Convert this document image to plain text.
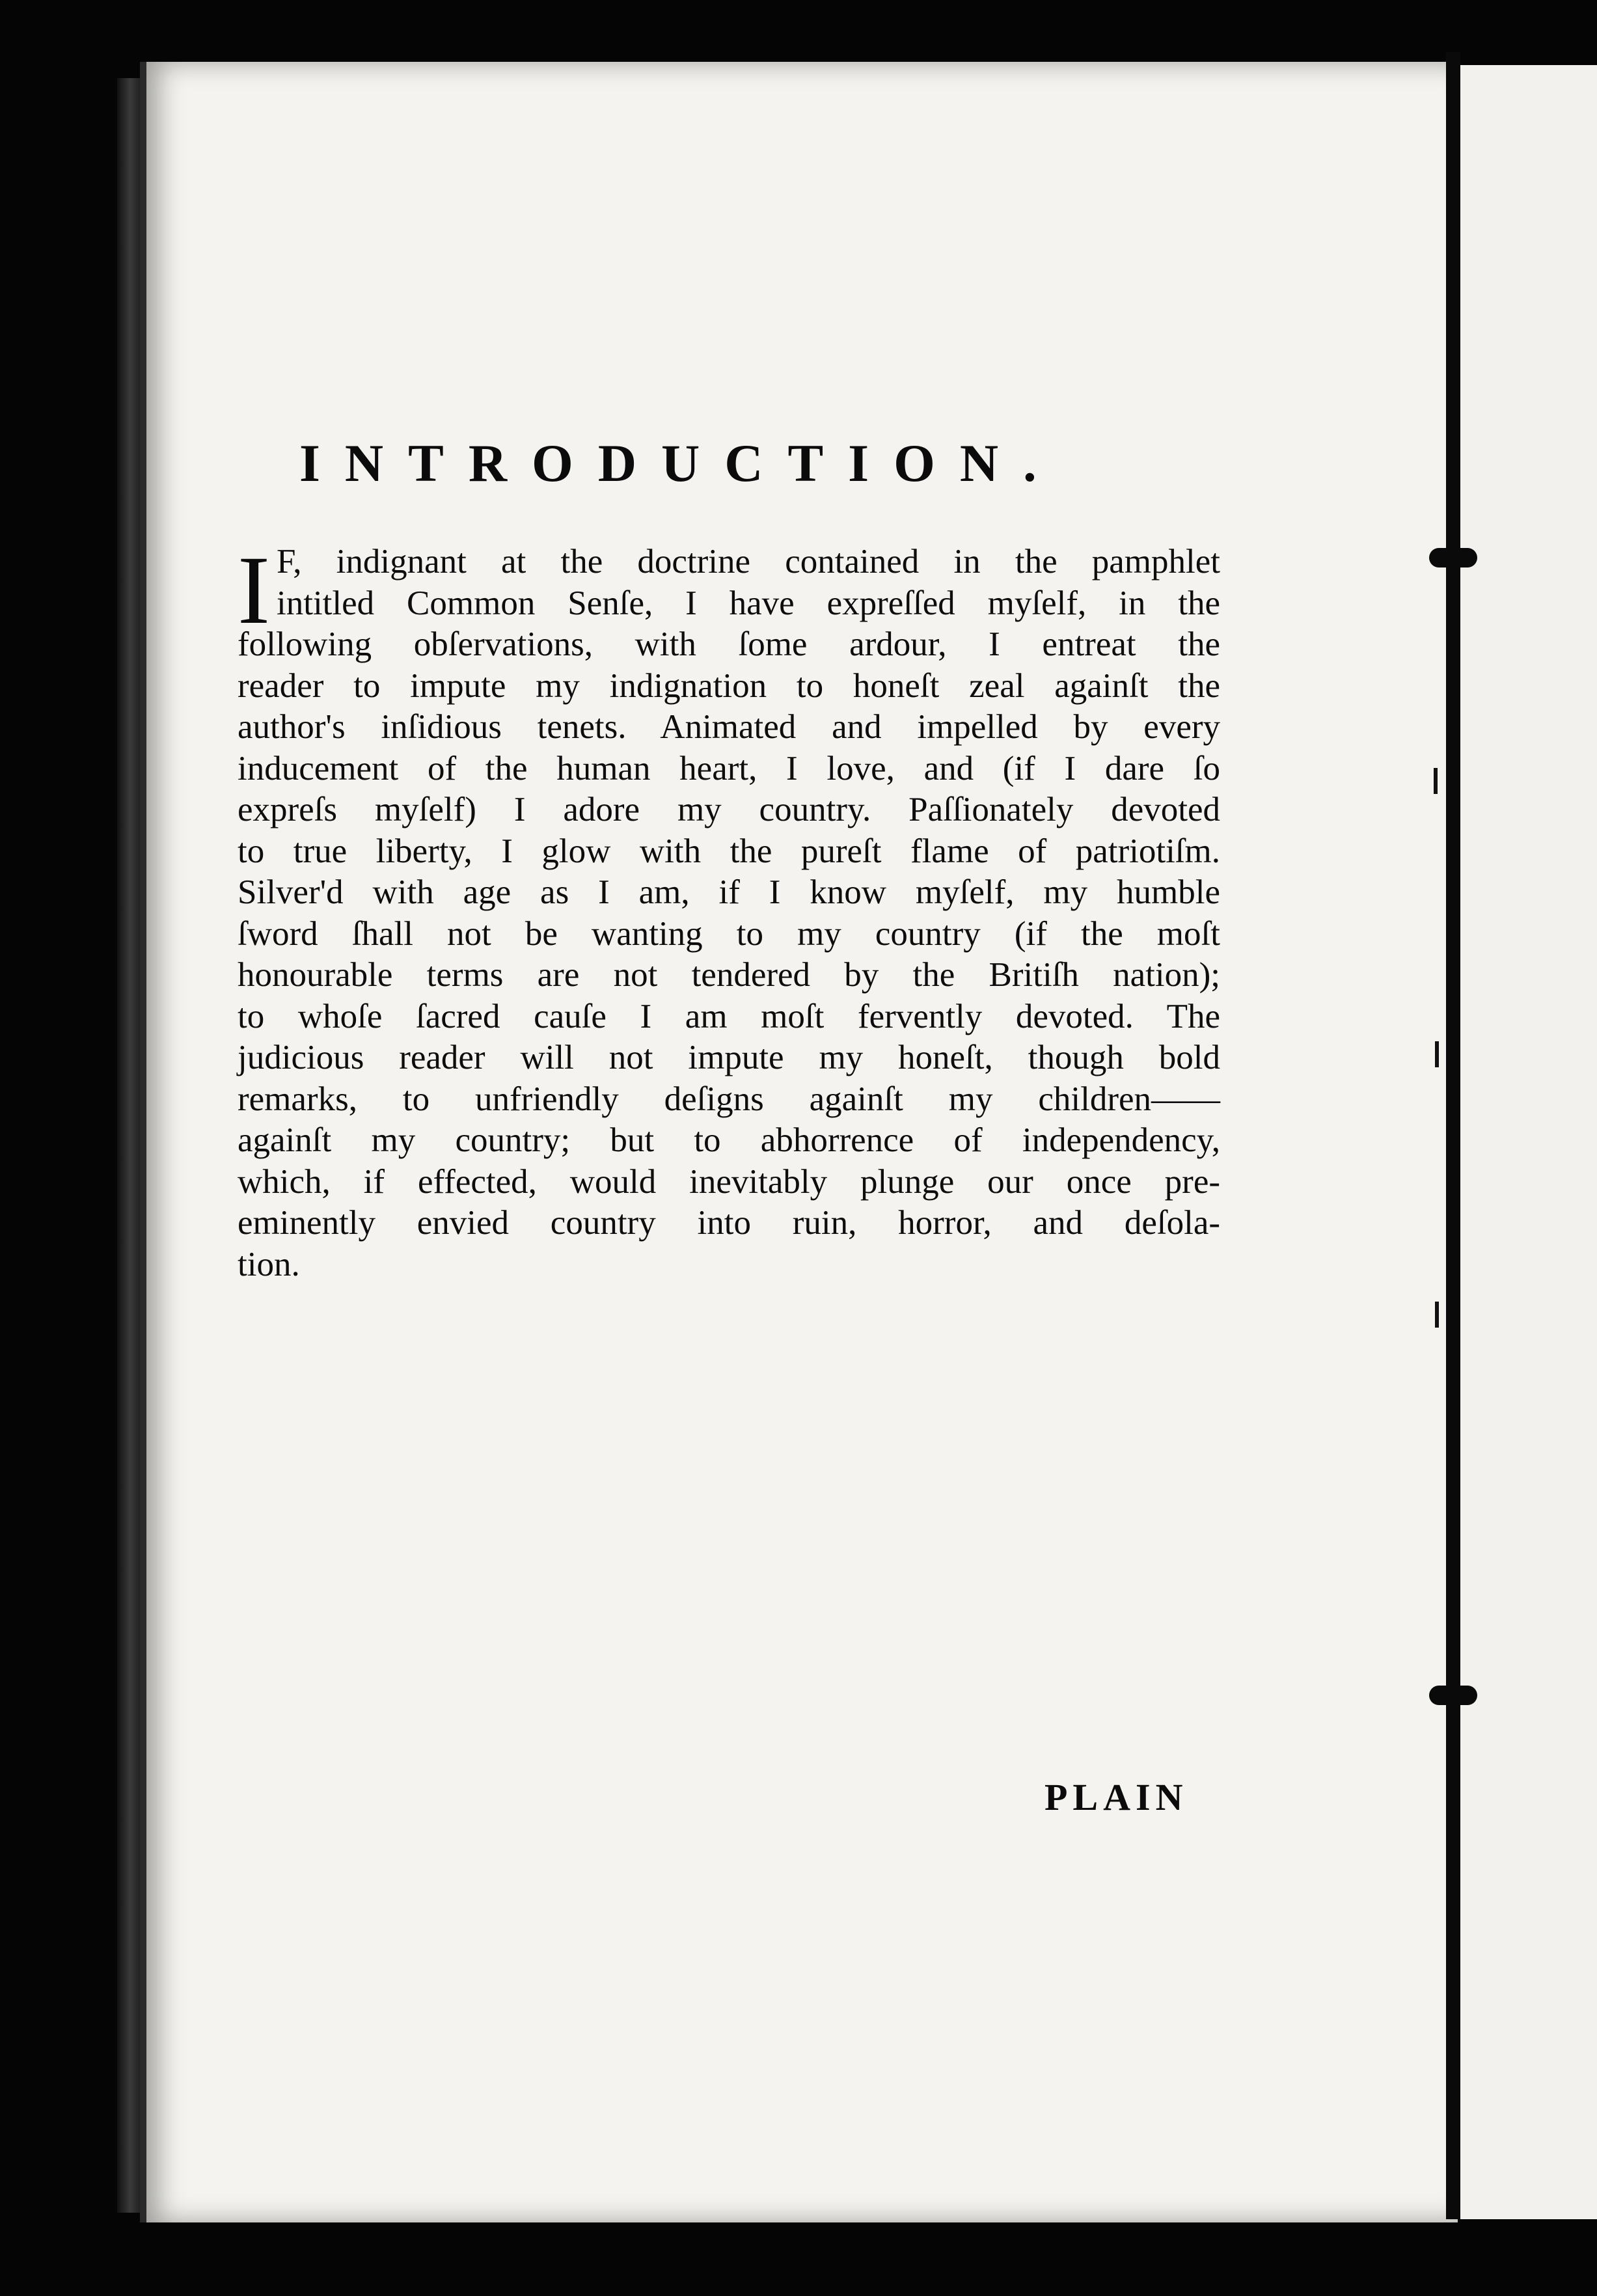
INTRODUCTION.
I F, indignant at the doctrine contained in the pamphlet
intitled Common Senſe, I have expreſſed myſelf, in the
following obſervations, with ſome ardour, I entreat the
reader to impute my indignation to honeſt zeal againſt the
author's inſidious tenets. Animated and impelled by every
inducement of the human heart, I love, and (if I dare ſo
expreſs myſelf) I adore my country. Paſſionately devoted
to true liberty, I glow with the pureſt flame of patriotiſm.
Silver'd with age as I am, if I know myſelf, my humble
ſword ſhall not be wanting to my country (if the moſt
honourable terms are not tendered by the Britiſh nation);
to whoſe ſacred cauſe I am moſt fervently devoted. The
judicious reader will not impute my honeſt, though bold
remarks, to unfriendly deſigns againſt my children——
againſt my country; but to abhorrence of independency,
which, if effected, would inevitably plunge our once pre-
eminently envied country into ruin, horror, and deſola-
tion.
PLAIN
